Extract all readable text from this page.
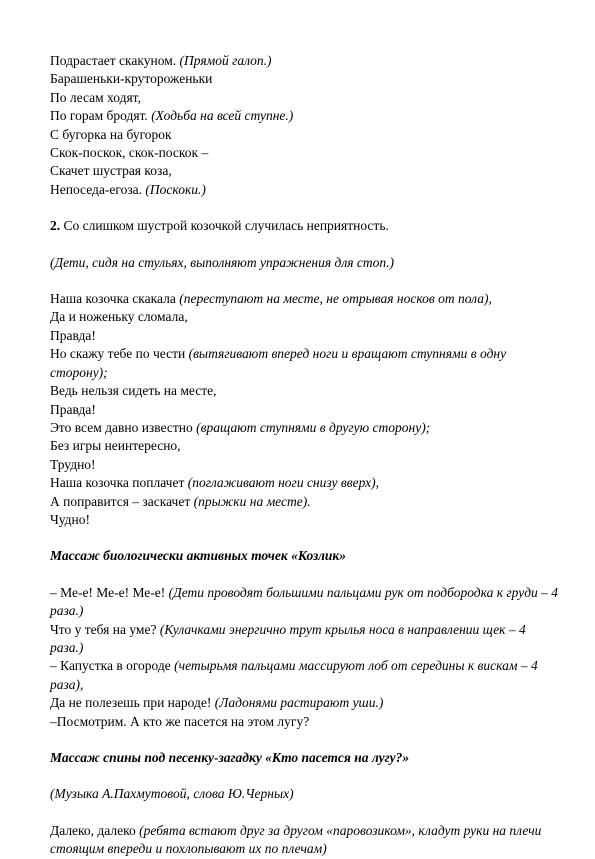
Подрастает скакуном. (Прямой галоп.)
Барашеньки-крутороженьки
По лесам ходят,
По горам бродят. (Ходьба на всей ступне.)
С бугорка на бугорок
Скок-поскок, скок-поскок –
Скачет шустрая коза,
Непоседа-егоза. (Поскоки.)
2. Со слишком шустрой козочкой случилась неприятность.
(Дети, сидя на стульях, выполняют упражнения для стоп.)
Наша козочка скакала (переступают на месте, не отрывая носков от пола),
Да и ноженьку сломала,
Правда!
Но скажу тебе по чести (вытягивают вперед ноги и вращают ступнями в одну сторону);
Ведь нельзя сидеть на месте,
Правда!
Это всем давно известно (вращают ступнями в другую сторону);
Без игры неинтересно,
Трудно!
Наша козочка поплачет (поглаживают ноги снизу вверх),
А поправится – заскачет (прыжки на месте).
Чудно!
Массаж биологически активных точек «Козлик»
– Ме-е! Ме-е! Ме-е! (Дети проводят большими пальцами рук от подбородка к груди – 4 раза.)
Что у тебя на уме? (Кулачками энергично трут крылья носа в направлении щек – 4 раза.)
– Капустка в огороде (четырьмя пальцами массируют лоб от середины к вискам – 4 раза),
Да не полезешь при народе! (Ладонями растирают уши.)
–Посмотрим. А кто же пасется на этом лугу?
Массаж спины под песенку-загадку «Кто пасется на лугу?»
(Музыка А.Пахмутовой, слова Ю.Черных)
Далеко, далеко (ребята встают друг за другом «паровозиком», кладут руки на плечи стоящим впереди и похлопывают их по плечам)
